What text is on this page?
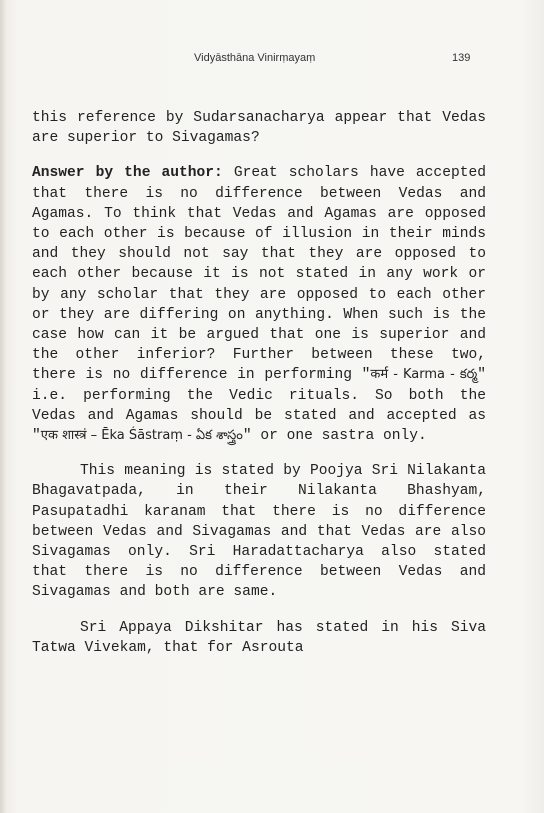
Vidyāsthāna Vinirṃayaṃ	139

this reference by Sudarsanacharya appear that Vedas are superior to Sivagamas?

Answer by the author: Great scholars have accepted that there is no difference between Vedas and Agamas. To think that Vedas and Agamas are opposed to each other is because of illusion in their minds and they should not say that they are opposed to each other because it is not stated in any work or by any scholar that they are opposed to each other or they are differing on anything. When such is the case how can it be argued that one is superior and the other inferior? Further between these two, there is no difference in performing "कर्म - Karma - కర్మ" i.e. performing the Vedic rituals. So both the Vedas and Agamas should be stated and accepted as "एक शास्त्रं – Ēka Śāstraṃ - ఏక శాస్త్రం" or one sastra only.

This meaning is stated by Poojya Sri Nilakanta Bhagavatpada, in their Nilakanta Bhashyam, Pasupatadhi karanam that there is no difference between Vedas and Sivagamas and that Vedas are also Sivagamas only. Sri Haradattacharya also stated that there is no difference between Vedas and Sivagamas and both are same.

Sri Appaya Dikshitar has stated in his Siva Tatwa Vivekam, that for Asrouta
